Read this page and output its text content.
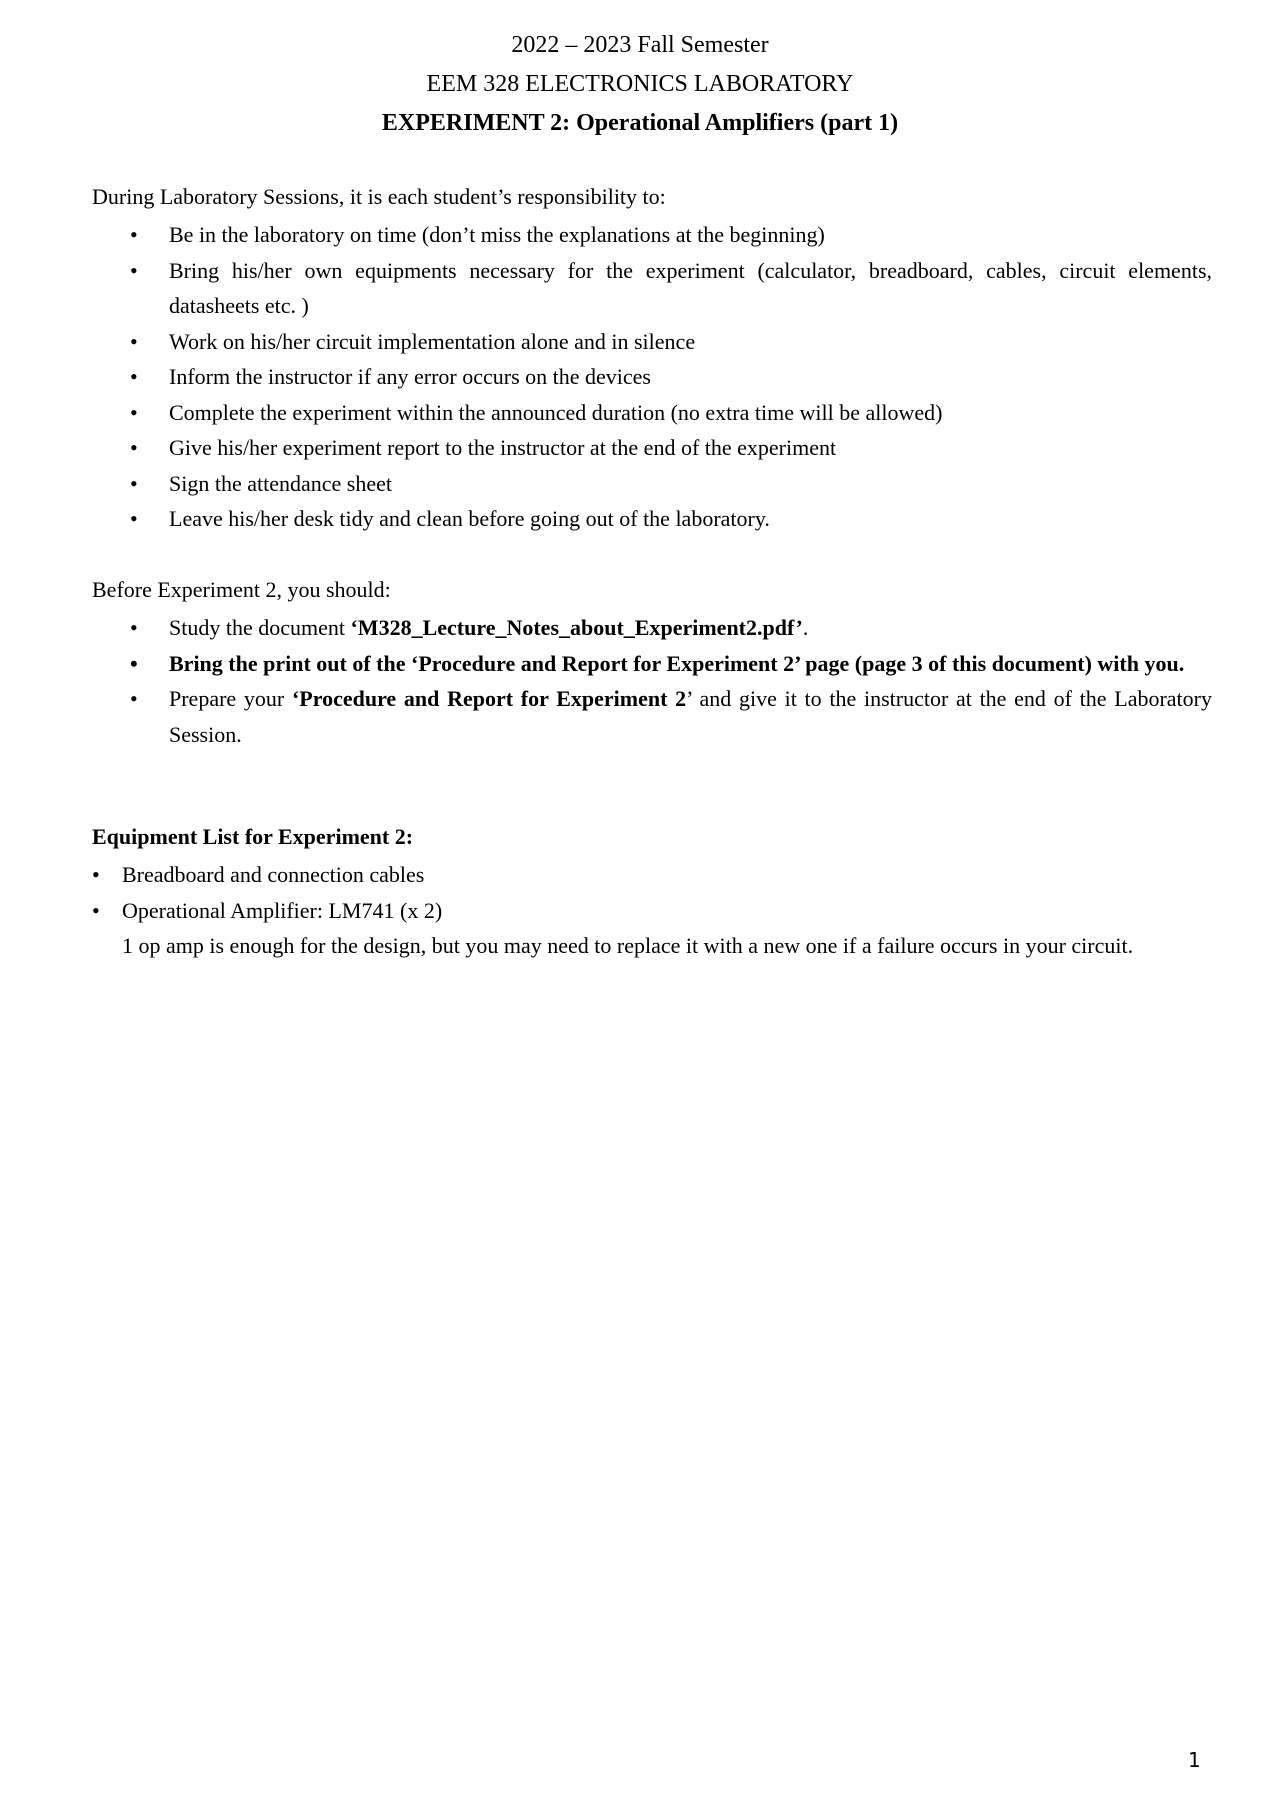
2022 – 2023 Fall Semester
EEM 328 ELECTRONICS LABORATORY
EXPERIMENT 2: Operational Amplifiers (part 1)
During Laboratory Sessions, it is each student’s responsibility to:
• Be in the laboratory on time (don’t miss the explanations at the beginning)
• Bring his/her own equipments necessary for the experiment (calculator, breadboard, cables, circuit elements, datasheets etc. )
• Work on his/her circuit implementation alone and in silence
• Inform the instructor if any error occurs on the devices
• Complete the experiment within the announced duration (no extra time will be allowed)
• Give his/her experiment report to the instructor at the end of the experiment
• Sign the attendance sheet
• Leave his/her desk tidy and clean before going out of the laboratory.
Before Experiment 2, you should:
• Study the document ‘M328_Lecture_Notes_about_Experiment2.pdf’.
• Bring the print out of the ‘Procedure and Report for Experiment 2’ page (page 3 of this document) with you.
• Prepare your ‘Procedure and Report for Experiment 2’ and give it to the instructor at the end of the Laboratory Session.
Equipment List for Experiment 2:
• Breadboard and connection cables
• Operational Amplifier: LM741 (x 2)
1 op amp is enough for the design, but you may need to replace it with a new one if a failure occurs in your circuit.
1
